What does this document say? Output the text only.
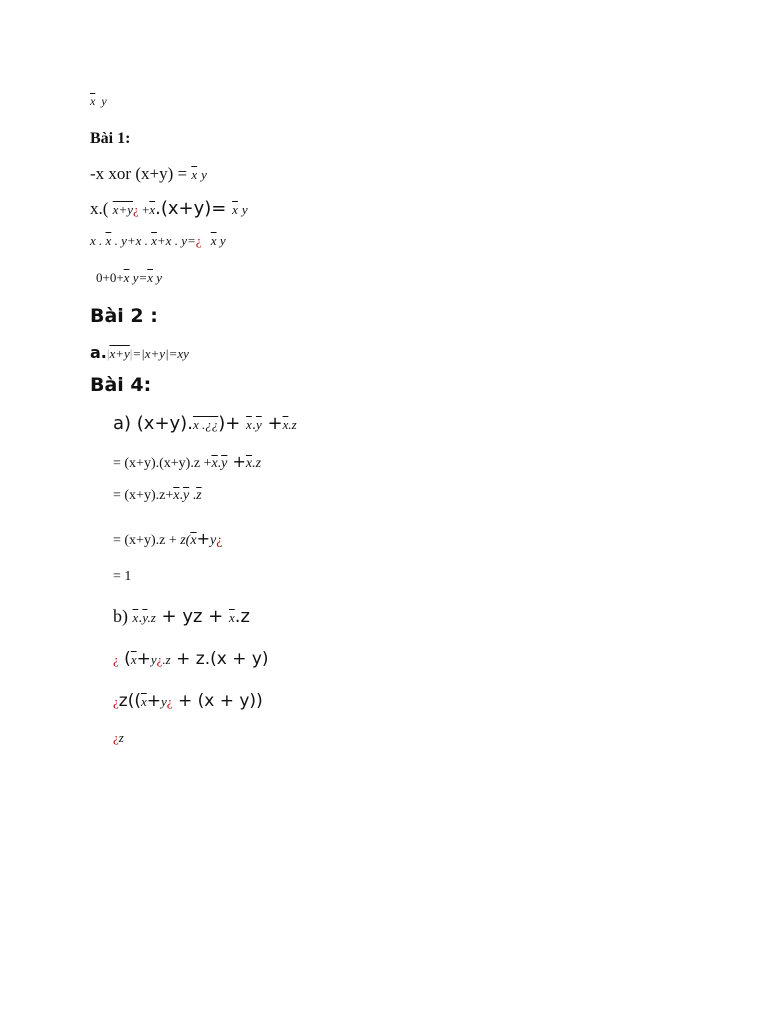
$\overline{x}$ y
Bài 1:
-x xor $(x+y) = \overline{x}$ y
x.( x+y¿ $+\overline{x}.(x+y)= \overline{x}$ y
x . $\overline{x}$ . y+x . $\overline{x}+x$ . y=¿ $\overline{x}$ y
$0+0+\overline{x}$ $y=\overline{x}$ y
Bài 2 :
a.|x+y|=|x+y|=xy
Bài 4:
a) (x+y).x .¿¿)+ $\overline{x}.\overline{y} +\overline{x}.z$
= $(x+y).(x+y).z +\overline{x}.\overline{y} +\overline{x}.z$
= $(x+y).z+\overline{x}.\overline{y}$ $.\overline{z}$
= $(x+y).z + z(\overline{x}+y¿$
= 1
b) $\overline{x}.\overline{y}.z$ + yz + $\overline{x}.z$
¿ ($\overline{x}+y¿.z + z.(x + y)$
¿$z((\overline{x}+y¿ + (x + y))$
¿z
